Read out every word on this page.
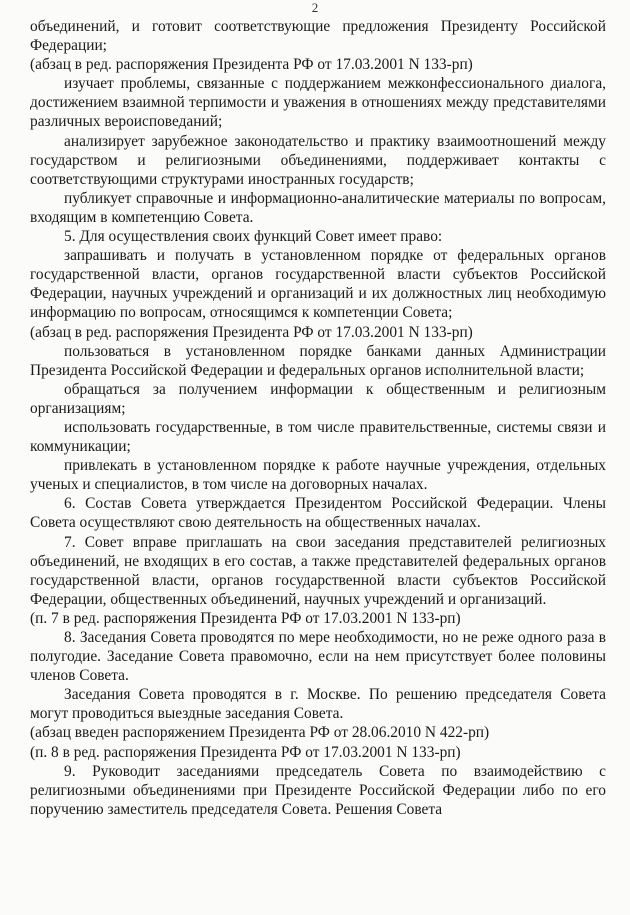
2

объединений, и готовит соответствующие предложения Президенту Российской Федерации;

(абзац в ред. распоряжения Президента РФ от 17.03.2001 N 133-рп)

изучает проблемы, связанные с поддержанием межконфессионального диалога, достижением взаимной терпимости и уважения в отношениях между представителями различных вероисповеданий;

анализирует зарубежное законодательство и практику взаимоотношений между государством и религиозными объединениями, поддерживает контакты с соответствующими структурами иностранных государств;

публикует справочные и информационно-аналитические материалы по вопросам, входящим в компетенцию Совета.

5. Для осуществления своих функций Совет имеет право:

запрашивать и получать в установленном порядке от федеральных органов государственной власти, органов государственной власти субъектов Российской Федерации, научных учреждений и организаций и их должностных лиц необходимую информацию по вопросам, относящимся к компетенции Совета;

(абзац в ред. распоряжения Президента РФ от 17.03.2001 N 133-рп)

пользоваться в установленном порядке банками данных Администрации Президента Российской Федерации и федеральных органов исполнительной власти;

обращаться за получением информации к общественным и религиозным организациям;

использовать государственные, в том числе правительственные, системы связи и коммуникации;

привлекать в установленном порядке к работе научные учреждения, отдельных ученых и специалистов, в том числе на договорных началах.

6. Состав Совета утверждается Президентом Российской Федерации. Члены Совета осуществляют свою деятельность на общественных началах.

7. Совет вправе приглашать на свои заседания представителей религиозных объединений, не входящих в его состав, а также представителей федеральных органов государственной власти, органов государственной власти субъектов Российской Федерации, общественных объединений, научных учреждений и организаций.

(п. 7 в ред. распоряжения Президента РФ от 17.03.2001 N 133-рп)

8. Заседания Совета проводятся по мере необходимости, но не реже одного раза в полугодие. Заседание Совета правомочно, если на нем присутствует более половины членов Совета.

Заседания Совета проводятся в г. Москве. По решению председателя Совета могут проводиться выездные заседания Совета.

(абзац введен распоряжением Президента РФ от 28.06.2010 N 422-рп)

(п. 8 в ред. распоряжения Президента РФ от 17.03.2001 N 133-рп)

9. Руководит заседаниями председатель Совета по взаимодействию с религиозными объединениями при Президенте Российской Федерации либо по его поручению заместитель председателя Совета. Решения Совета
